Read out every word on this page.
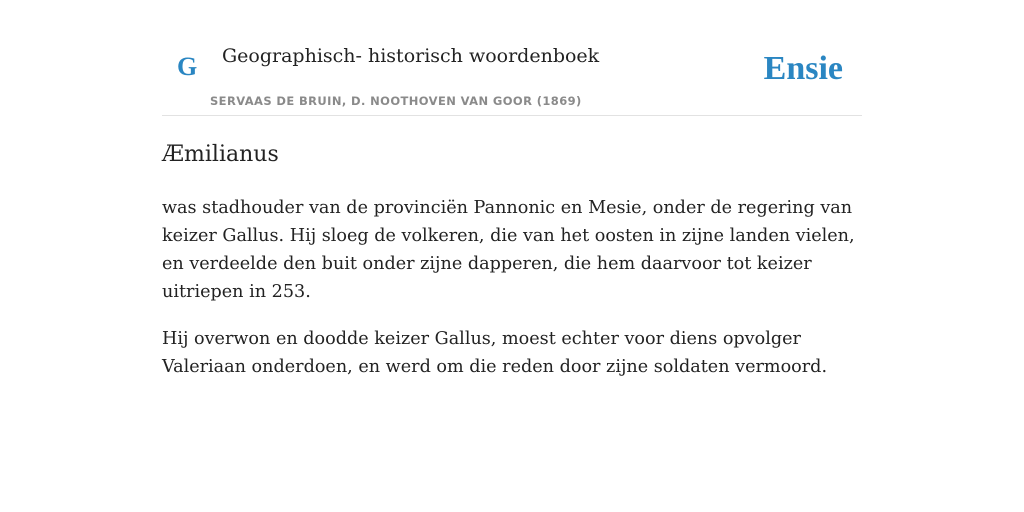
G Geographisch- historisch woordenboek
SERVAAS DE BRUIN, D. NOOTHOVEN VAN GOOR (1869)
Ensie
Æmilianus

was stadhouder van de provinciën Pannonic en Mesie, onder de regering van keizer Gallus. Hij sloeg de volkeren, die van het oosten in zijne landen vielen, en verdeelde den buit onder zijne dapperen, die hem daarvoor tot keizer uitriepen in 253.

Hij overwon en doodde keizer Gallus, moest echter voor diens opvolger Valeriaan onderdoen, en werd om die reden door zijne soldaten vermoord.
